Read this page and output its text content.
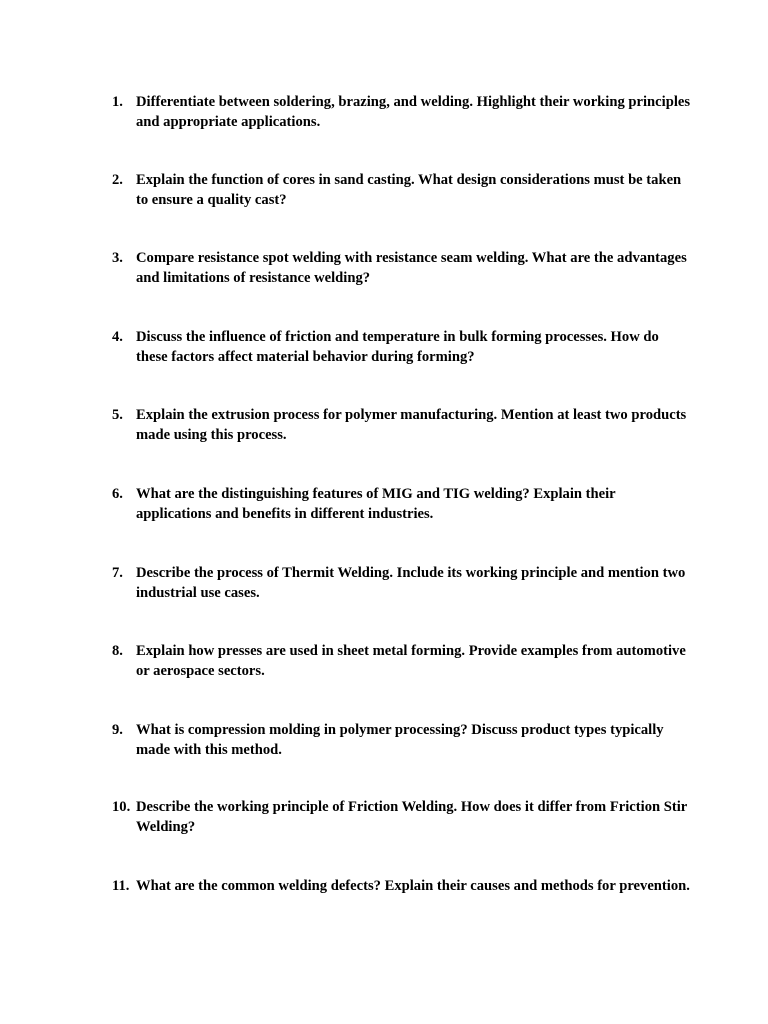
1. Differentiate between soldering, brazing, and welding. Highlight their working principles and appropriate applications.
2. Explain the function of cores in sand casting. What design considerations must be taken to ensure a quality cast?
3. Compare resistance spot welding with resistance seam welding. What are the advantages and limitations of resistance welding?
4. Discuss the influence of friction and temperature in bulk forming processes. How do these factors affect material behavior during forming?
5. Explain the extrusion process for polymer manufacturing. Mention at least two products made using this process.
6. What are the distinguishing features of MIG and TIG welding? Explain their applications and benefits in different industries.
7. Describe the process of Thermit Welding. Include its working principle and mention two industrial use cases.
8. Explain how presses are used in sheet metal forming. Provide examples from automotive or aerospace sectors.
9. What is compression molding in polymer processing? Discuss product types typically made with this method.
10. Describe the working principle of Friction Welding. How does it differ from Friction Stir Welding?
11. What are the common welding defects? Explain their causes and methods for prevention.
